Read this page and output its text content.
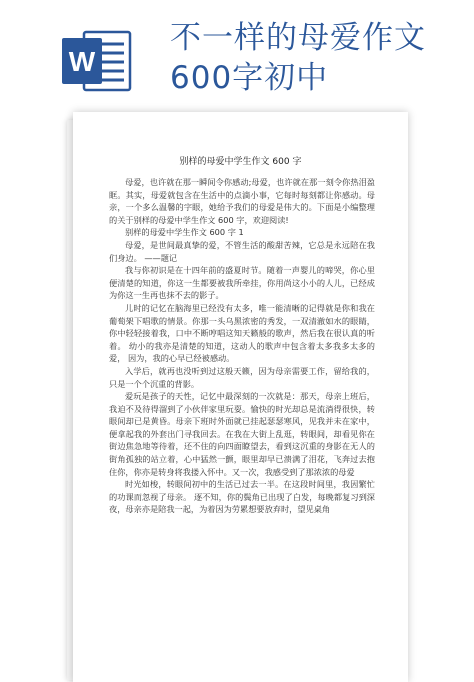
W
不一样的母爱作文
600字初中
别样的母爱中学生作文 600 字

母爱，也许就在那一瞬间令你感动;母爱，也许就在那一刻令你热泪盈眶。其实，母爱就包含在生活中的点滴小事，它每时每刻都让你感动。母亲，一个多么温馨的字眼，她给予我们的母爱是伟大的。下面是小编整理的关于别样的母爱中学生作文 600 字，欢迎阅读!

别样的母爱中学生作文 600 字 1

母爱，是世间最真挚的爱，不管生活的酸甜苦辣，它总是永远陪在我们身边。 ——题记

我与你初识是在十四年前的盛夏时节。随着一声婴儿的啼哭，你心里便清楚的知道，你这一生都要被我所牵挂，你用尚这小小的人儿，已经成为你这一生再也抹不去的影子。

儿时的记忆在脑海里已经没有太多，唯一能清晰的记得就是你和我在葡萄架下唱歌的情景。你那一头乌黑浓密的秀发，一双清澈如水的眼睛，你中轻轻接着我，口中不断哼唱这知天籁般的歌声，然后我在很认真的听着。 幼小的我亦是清楚的知道，这动人的歌声中包含着太多我多太多的爱， 因为，我的心早已经被感动。

入学后，就再也没听到过这般天籁，因为母亲需要工作，留给我的，只是一个个沉重的背影。

爱玩是孩子的天性，记忆中最深刻的一次就是：那天，母亲上班后，我迫不及待得溜到了小伙伴家里玩耍。愉快的时光却总是流淌得很快，转眼间却已是黄昏。母亲下班时外面就已挂起瑟瑟寒风，见我并未在家中，便拿起我的外套出门寻我回去。在我在大街上乱逛，转眼间，却看见你在街边焦急地等待着，还不住的向四面瞭望去，看到这沉重的身影在无人的街角孤独的站立着，心中猛然一颤，眼里却早已溃满了泪花，飞奔过去抱住你，你亦是转身将我搂入怀中。又一次，我感受到了那浓浓的母爱

时光如梭，转眼间初中的生活已过去一半。在这段时间里，我因繁忙的功课而忽视了母亲。 逐不知，你的鬓角已出现了白发，每晚都复习到深夜，母亲亦是陪我一起，为着因为劳累想要放弃时，望见桌角
